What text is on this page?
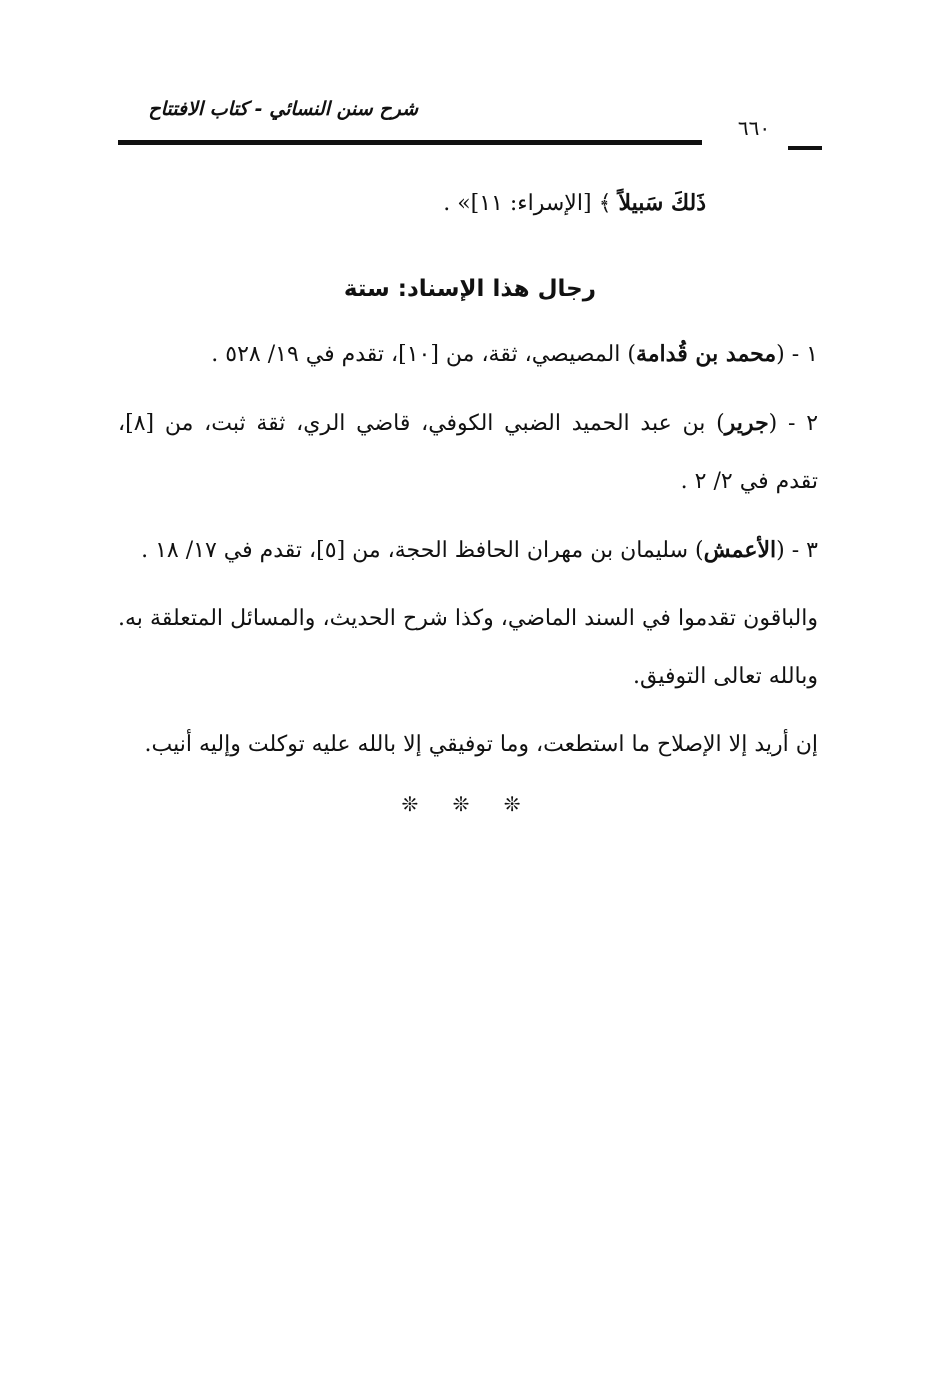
شرح سنن النسائي - كتاب الافتتاح
٦٦٠

ذَلكَ سَبيلاً ﴾ [الإسراء: ١١]» .

رجال هذا الإسناد: ستة

١ - (محمد بن قُدامة) المصيصي، ثقة، من [١٠]، تقدم في ١٩/ ٥٢٨ .

٢ - (جرير) بن عبد الحميد الضبي الكوفي، قاضي الري، ثقة ثبت، من [٨]، تقدم في ٢/ ٢ .

٣ - (الأعمش) سليمان بن مهران الحافظ الحجة، من [٥]، تقدم في ١٧/ ١٨ .

والباقون تقدموا في السند الماضي، وكذا شرح الحديث، والمسائل المتعلقة به. وبالله تعالى التوفيق.

إن أريد إلا الإصلاح ما استطعت، وما توفيقي إلا بالله عليه توكلت وإليه أنيب.

❊ ❊ ❊
